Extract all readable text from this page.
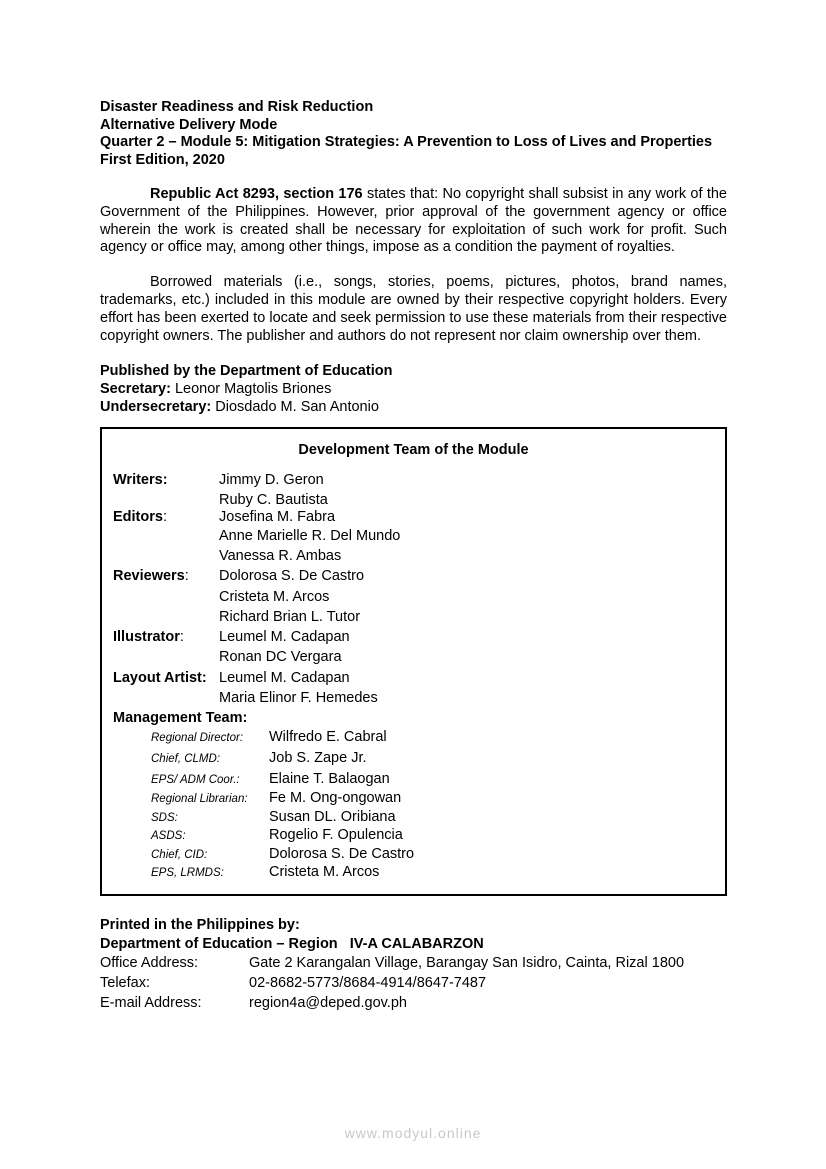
Disaster Readiness and Risk Reduction
Alternative Delivery Mode
Quarter 2 – Module 5: Mitigation Strategies: A Prevention to Loss of Lives and Properties
First Edition, 2020

Republic Act 8293, section 176 states that: No copyright shall subsist in any work of the Government of the Philippines. However, prior approval of the government agency or office wherein the work is created shall be necessary for exploitation of such work for profit. Such agency or office may, among other things, impose as a condition the payment of royalties.

Borrowed materials (i.e., songs, stories, poems, pictures, photos, brand names, trademarks, etc.) included in this module are owned by their respective copyright holders. Every effort has been exerted to locate and seek permission to use these materials from their respective copyright owners. The publisher and authors do not represent nor claim ownership over them.

Published by the Department of Education
Secretary: Leonor Magtolis Briones
Undersecretary: Diosdado M. San Antonio
Development Team of the Module
Writers:	Jimmy D. Geron
Ruby C. Bautista
Editors:	Josefina M. Fabra
Anne Marielle R. Del Mundo
Vanessa R. Ambas
Reviewers:	Dolorosa S. De Castro
Cristeta M. Arcos
Richard Brian L. Tutor
Illustrator:	Leumel M. Cadapan
Ronan DC Vergara
Layout Artist: Leumel M. Cadapan
Maria Elinor F. Hemedes
Management Team:
Regional Director:	Wilfredo E. Cabral
Chief, CLMD:	Job S. Zape Jr.
EPS/ ADM Coor.:	Elaine T. Balaogan
Regional Librarian:	Fe M. Ong-ongowan
SDS:	Susan DL. Oribiana
ASDS:	Rogelio F. Opulencia
Chief, CID:	Dolorosa S. De Castro
EPS, LRMDS:	Cristeta M. Arcos
Printed in the Philippines by:
Department of Education – Region   IV-A CALABARZON
Office Address:	Gate 2 Karangalan Village, Barangay San Isidro, Cainta, Rizal 1800
Telefax:	02-8682-5773/8684-4914/8647-7487
E-mail Address:	region4a@deped.gov.ph
www.modyul.online
